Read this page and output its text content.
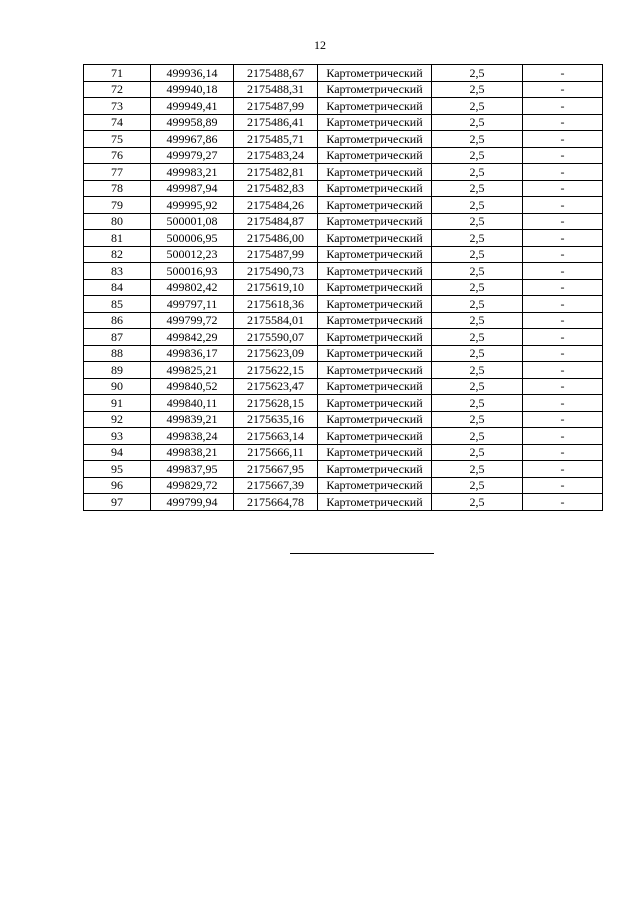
12
71	499936,14	2175488,67	Картометрический	2,5	-
72	499940,18	2175488,31	Картометрический	2,5	-
73	499949,41	2175487,99	Картометрический	2,5	-
74	499958,89	2175486,41	Картометрический	2,5	-
75	499967,86	2175485,71	Картометрический	2,5	-
76	499979,27	2175483,24	Картометрический	2,5	-
77	499983,21	2175482,81	Картометрический	2,5	-
78	499987,94	2175482,83	Картометрический	2,5	-
79	499995,92	2175484,26	Картометрический	2,5	-
80	500001,08	2175484,87	Картометрический	2,5	-
81	500006,95	2175486,00	Картометрический	2,5	-
82	500012,23	2175487,99	Картометрический	2,5	-
83	500016,93	2175490,73	Картометрический	2,5	-
84	499802,42	2175619,10	Картометрический	2,5	-
85	499797,11	2175618,36	Картометрический	2,5	-
86	499799,72	2175584,01	Картометрический	2,5	-
87	499842,29	2175590,07	Картометрический	2,5	-
88	499836,17	2175623,09	Картометрический	2,5	-
89	499825,21	2175622,15	Картометрический	2,5	-
90	499840,52	2175623,47	Картометрический	2,5	-
91	499840,11	2175628,15	Картометрический	2,5	-
92	499839,21	2175635,16	Картометрический	2,5	-
93	499838,24	2175663,14	Картометрический	2,5	-
94	499838,21	2175666,11	Картометрический	2,5	-
95	499837,95	2175667,95	Картометрический	2,5	-
96	499829,72	2175667,39	Картометрический	2,5	-
97	499799,94	2175664,78	Картометрический	2,5	-
